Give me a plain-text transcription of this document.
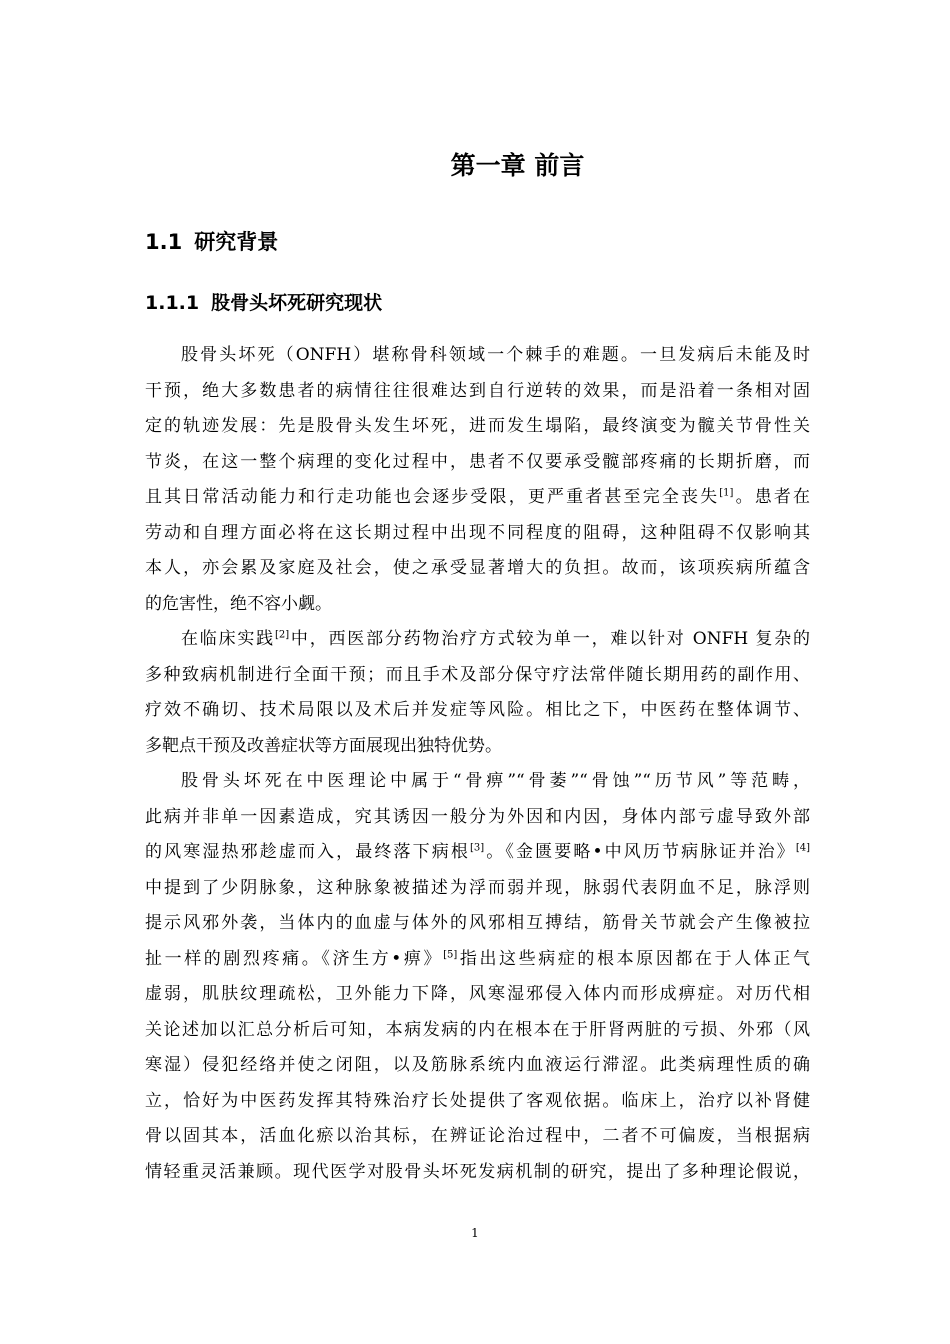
第一章 前言
1.1 研究背景
1.1.1 股骨头坏死研究现状
股骨头坏死（ONFH）堪称骨科领域一个棘手的难题。一旦发病后未能及时
干预，绝大多数患者的病情往往很难达到自行逆转的效果，而是沿着一条相对固
定的轨迹发展：先是股骨头发生坏死，进而发生塌陷，最终演变为髋关节骨性关
节炎，在这一整个病理的变化过程中，患者不仅要承受髋部疼痛的长期折磨，而
且其日常活动能力和行走功能也会逐步受限，更严重者甚至完全丧失[1]。患者在
劳动和自理方面必将在这长期过程中出现不同程度的阻碍，这种阻碍不仅影响其
本人，亦会累及家庭及社会，使之承受显著增大的负担。故而，该项疾病所蕴含
的危害性，绝不容小觑。
在临床实践[2]中，西医部分药物治疗方式较为单一，难以针对 ONFH 复杂的
多种致病机制进行全面干预；而且手术及部分保守疗法常伴随长期用药的副作用、
疗效不确切、技术局限以及术后并发症等风险。相比之下，中医药在整体调节、
多靶点干预及改善症状等方面展现出独特优势。
股骨头坏死在中医理论中属于“骨痹”“骨萎”“骨蚀”“历节风”等范畴，
此病并非单一因素造成，究其诱因一般分为外因和内因，身体内部亏虚导致外部
的风寒湿热邪趁虚而入，最终落下病根[3]。《金匮要略•中风历节病脉证并治》[4]
中提到了少阴脉象，这种脉象被描述为浮而弱并现，脉弱代表阴血不足，脉浮则
提示风邪外袭，当体内的血虚与体外的风邪相互搏结，筋骨关节就会产生像被拉
扯一样的剧烈疼痛。《济生方•痹》[5]指出这些病症的根本原因都在于人体正气
虚弱，肌肤纹理疏松，卫外能力下降，风寒湿邪侵入体内而形成痹症。对历代相
关论述加以汇总分析后可知，本病发病的内在根本在于肝肾两脏的亏损、外邪（风
寒湿）侵犯经络并使之闭阻，以及筋脉系统内血液运行滞涩。此类病理性质的确
立，恰好为中医药发挥其特殊治疗长处提供了客观依据。临床上，治疗以补肾健
骨以固其本，活血化瘀以治其标，在辨证论治过程中，二者不可偏废，当根据病
情轻重灵活兼顾。现代医学对股骨头坏死发病机制的研究，提出了多种理论假说，
1
